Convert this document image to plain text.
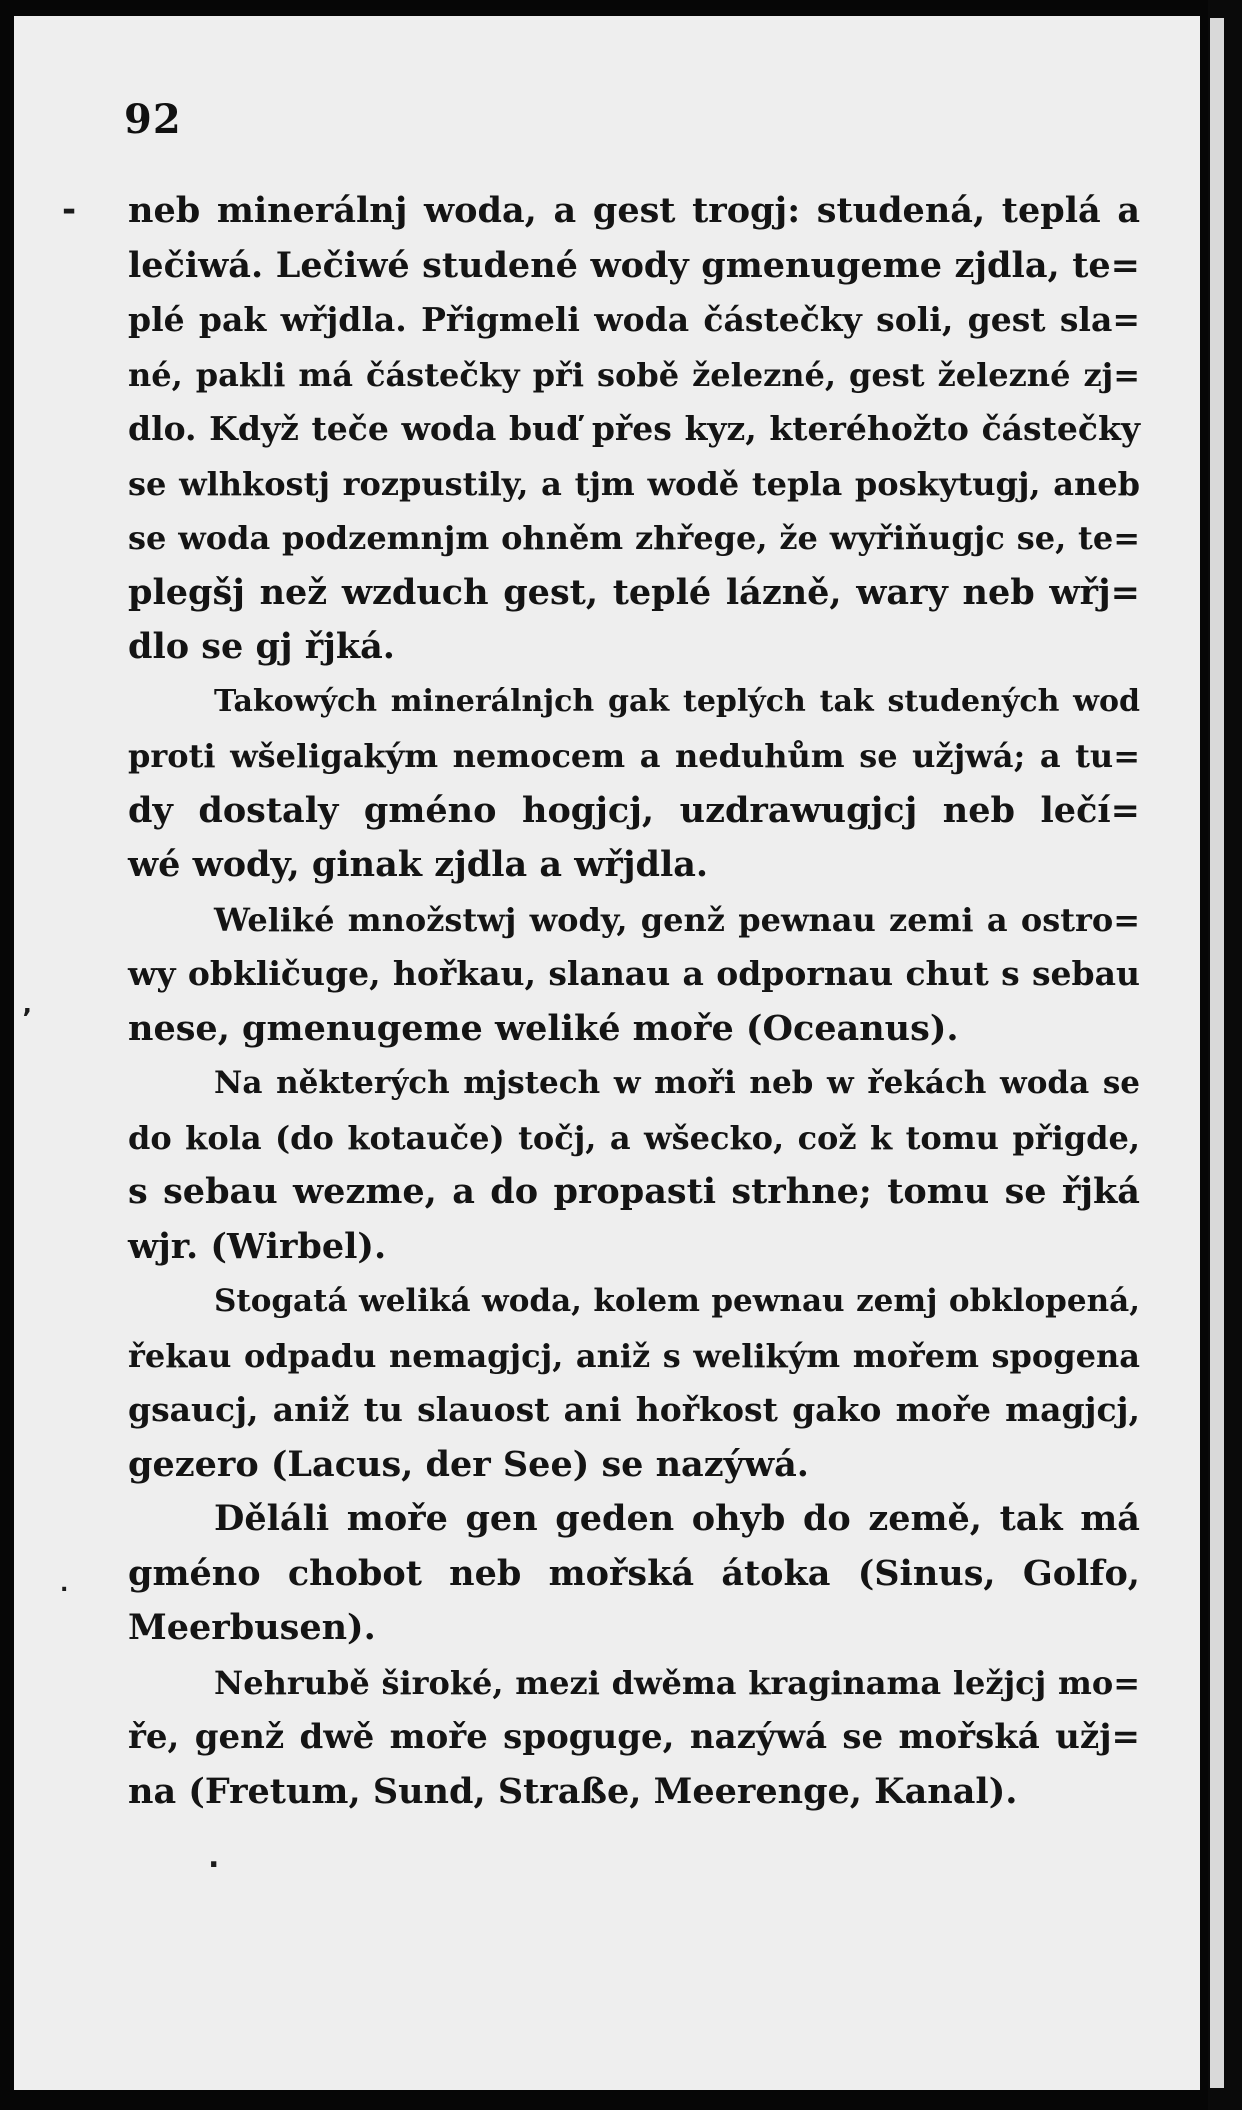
92
-
‚
.
.
neb minerálnj woda, a gest trogj: studená, teplá a
lečiwá. Lečiwé studené wody gmenugeme zjdla, te=
plé pak wřjdla. Přigmeli woda částečky soli, gest sla=
né, pakli má částečky při sobě železné, gest železné zj=
dlo. Když teče woda buď přes kyz, kteréhožto částečky
se wlhkostj rozpustily, a tjm wodě tepla poskytugj, aneb
se woda podzemnjm ohněm zhřege, že wyřiňugjc se, te=
plegšj než wzduch gest, teplé lázně, wary neb wřj=
dlo se gj řjká.
Takowých minerálnjch gak teplých tak studených wod
proti wšeligakým nemocem a neduhům se užjwá; a tu=
dy dostaly gméno hogjcj, uzdrawugjcj neb lečí=
wé wody, ginak zjdla a wřjdla.
Weliké množstwj wody, genž pewnau zemi a ostro=
wy obkličuge, hořkau, slanau a odpornau chut s sebau
nese, gmenugeme weliké moře (Oceanus).
Na některých mjstech w moři neb w řekách woda se
do kola (do kotauče) točj, a wšecko, což k tomu přigde,
s sebau wezme, a do propasti strhne; tomu se řjká
wjr. (Wirbel).
Stogatá weliká woda, kolem pewnau zemj obklopená,
řekau odpadu nemagjcj, aniž s welikým mořem spogena
gsaucj, aniž tu slauost ani hořkost gako moře magjcj,
gezero (Lacus, der See) se nazýwá.
Děláli moře gen geden ohyb do země, tak má
gméno chobot neb mořská átoka (Sinus, Golfo,
Meerbusen).
Nehrubě široké, mezi dwěma kraginama ležjcj mo=
ře, genž dwě moře spoguge, nazýwá se mořská užj=
na (Fretum, Sund, Straße, Meerenge, Kanal).
